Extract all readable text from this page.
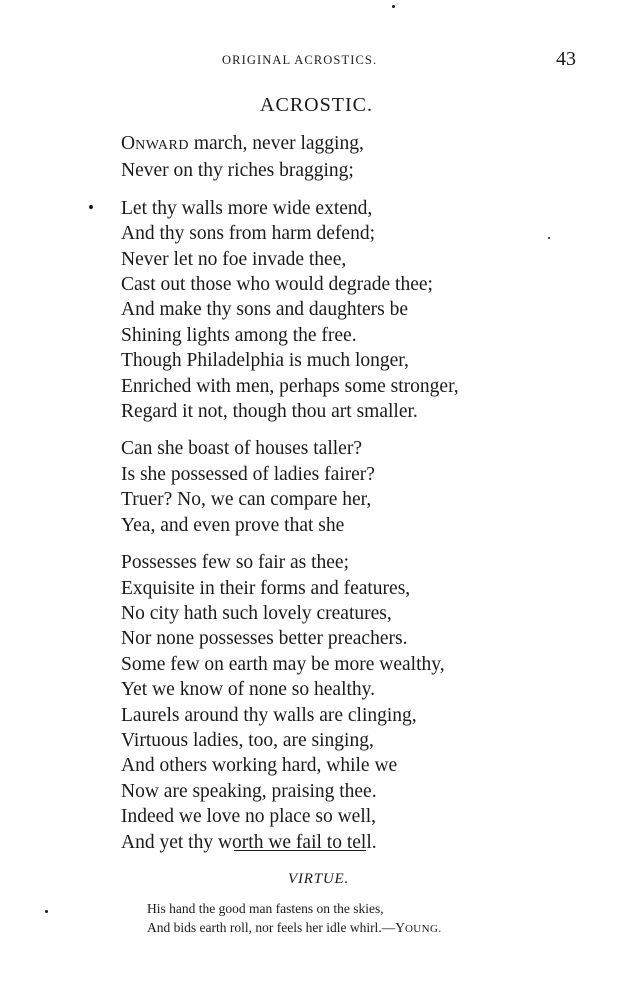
ORIGINAL ACROSTICS.	43
ACROSTIC.
ONWARD march, never lagging,
Never on thy riches bragging;
Let thy walls more wide extend,
And thy sons from harm defend;
Never let no foe invade thee,
Cast out those who would degrade thee;
And make thy sons and daughters be
Shining lights among the free.
Though Philadelphia is much longer,
Enriched with men, perhaps some stronger,
Regard it not, though thou art smaller.
Can she boast of houses taller?
Is she possessed of ladies fairer?
Truer? No, we can compare her,
Yea, and even prove that she
Possesses few so fair as thee;
Exquisite in their forms and features,
No city hath such lovely creatures,
Nor none possesses better preachers.
Some few on earth may be more wealthy,
Yet we know of none so healthy.
Laurels around thy walls are clinging,
Virtuous ladies, too, are singing,
And others working hard, while we
Now are speaking, praising thee.
Indeed we love no place so well,
And yet thy worth we fail to tell.
VIRTUE.
His hand the good man fastens on the skies,
And bids earth roll, nor feels her idle whirl.—YOUNG.
